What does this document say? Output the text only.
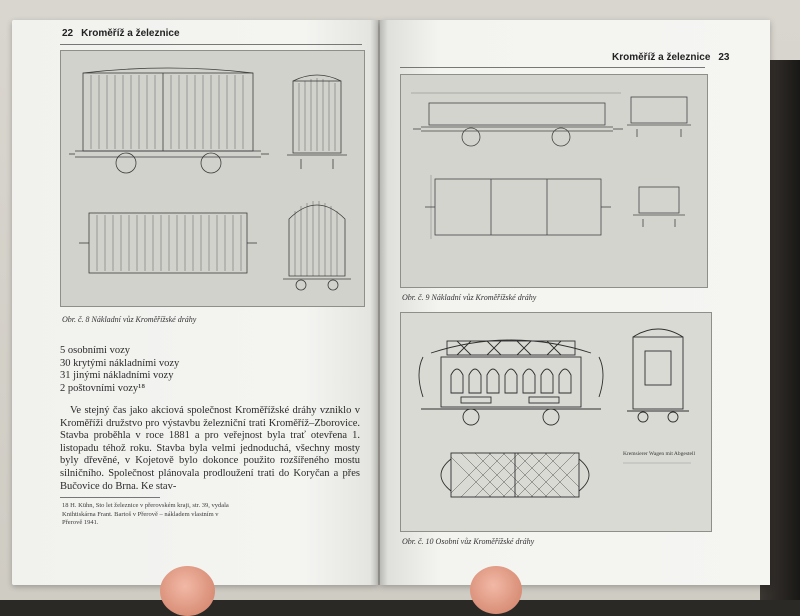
22 Kroměříž a železnice
Obr. č. 8 Nákladní vůz Kroměřížské dráhy
5 osobními vozy
30 krytými nákladními vozy
31 jinými nákladními vozy
2 poštovními vozy¹⁸

Ve stejný čas jako akciová společnost Kroměřížské dráhy vzniklo v Kroměříži družstvo pro výstavbu železniční trati Kroměříž–Zborovice. Stavba proběhla v roce 1881 a pro veřejnost byla trať otevřena 1. listopadu téhož roku. Stavba byla velmi jednoduchá, všechny mosty byly dřevěné, v Kojetově bylo dokonce použito rozšířeného mostu silničního. Společnost plánovala prodloužení trati do Koryčan a přes Bučovice do Brna. Ke stav-

18 H. Kühn, Sto let železnice v přerovském kraji, str. 39, vydala Knihtiskárna Frant. Bartoš v Přerově – nákladem vlastním v Přerově 1941.
Kroměříž a železnice 23
Obr. č. 9 Nákladní vůz Kroměřížské dráhy
Kremsierer Wagen mit Abgestell
Obr. č. 10 Osobní vůz Kroměřížské dráhy
